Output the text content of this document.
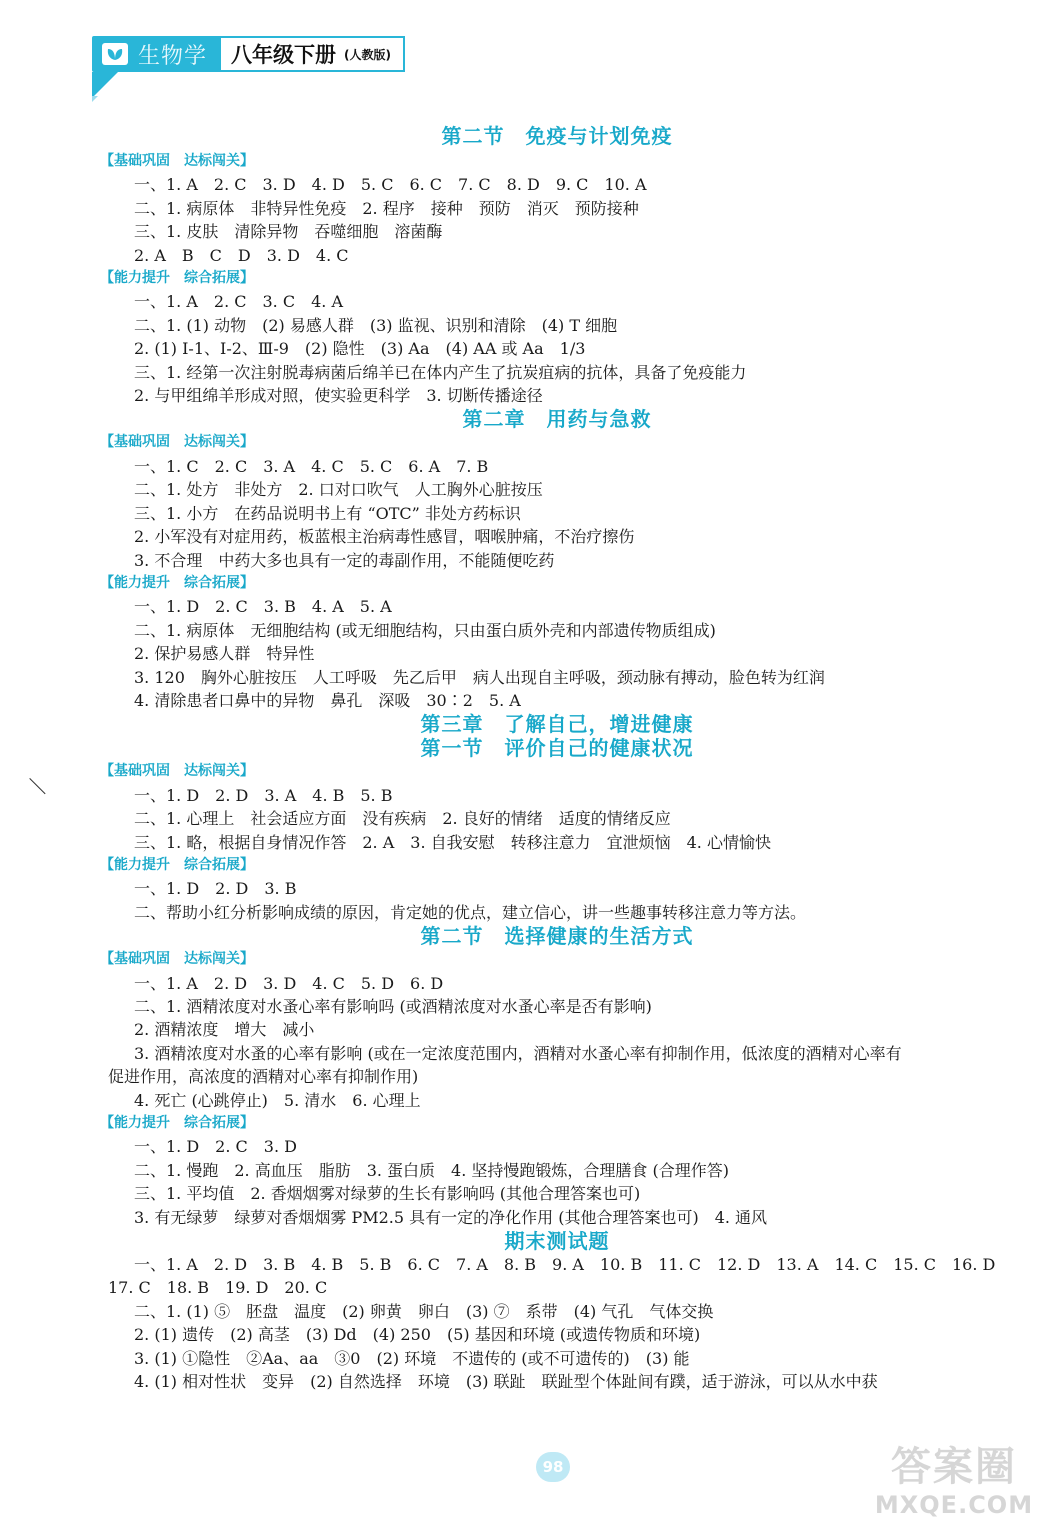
生物学 八年级下册 (人教版)

第二节　免疫与计划免疫

【基础巩固　达标闯关】

一、1. A　2. C　3. D　4. D　5. C　6. C　7. C　8. D　9. C　10. A

二、1. 病原体　非特异性免疫　2. 程序　接种　预防　消灭　预防接种

三、1. 皮肤　清除异物　吞噬细胞　溶菌酶

2. A　B　C　D　3. D　4. C

【能力提升　综合拓展】

一、1. A　2. C　3. C　4. A

二、1. (1) 动物　(2) 易感人群　(3) 监视、识别和清除　(4) T 细胞

2. (1) Ⅰ-1、Ⅰ-2、Ⅲ-9　(2) 隐性　(3) Aa　(4) AA 或 Aa　1/3

三、1. 经第一次注射脱毒病菌后绵羊已在体内产生了抗炭疽病的抗体，具备了免疫能力

2. 与甲组绵羊形成对照，使实验更科学　3. 切断传播途径

第二章　用药与急救

【基础巩固　达标闯关】

一、1. C　2. C　3. A　4. C　5. C　6. A　7. B

二、1. 处方　非处方　2. 口对口吹气　人工胸外心脏按压

三、1. 小方　在药品说明书上有 “OTC” 非处方药标识

2. 小军没有对症用药，板蓝根主治病毒性感冒，咽喉肿痛，不治疗擦伤

3. 不合理　中药大多也具有一定的毒副作用，不能随便吃药

【能力提升　综合拓展】

一、1. D　2. C　3. B　4. A　5. A

二、1. 病原体　无细胞结构 (或无细胞结构，只由蛋白质外壳和内部遗传物质组成)

2. 保护易感人群　特异性

3. 120　胸外心脏按压　人工呼吸　先乙后甲　病人出现自主呼吸，颈动脉有搏动，脸色转为红润

4. 清除患者口鼻中的异物　鼻孔　深吸　30∶2　5. A

第三章　了解自己，增进健康

第一节　评价自己的健康状况

【基础巩固　达标闯关】

一、1. D　2. D　3. A　4. B　5. B

二、1. 心理上　社会适应方面　没有疾病　2. 良好的情绪　适度的情绪反应

三、1. 略，根据自身情况作答　2. A　3. 自我安慰　转移注意力　宜泄烦恼　4. 心情愉快

【能力提升　综合拓展】

一、1. D　2. D　3. B

二、帮助小红分析影响成绩的原因，肯定她的优点，建立信心，讲一些趣事转移注意力等方法。

第二节　选择健康的生活方式

【基础巩固　达标闯关】

一、1. A　2. D　3. D　4. C　5. D　6. D

二、1. 酒精浓度对水蚤心率有影响吗 (或酒精浓度对水蚤心率是否有影响)

2. 酒精浓度　增大　减小

3. 酒精浓度对水蚤的心率有影响 (或在一定浓度范围内，酒精对水蚤心率有抑制作用，低浓度的酒精对心率有

促进作用，高浓度的酒精对心率有抑制作用)

4. 死亡 (心跳停止)　5. 清水　6. 心理上

【能力提升　综合拓展】

一、1. D　2. C　3. D

二、1. 慢跑　2. 高血压　脂肪　3. 蛋白质　4. 坚持慢跑锻炼，合理膳食 (合理作答)

三、1. 平均值　2. 香烟烟雾对绿萝的生长有影响吗 (其他合理答案也可)

3. 有无绿萝　绿萝对香烟烟雾 PM2.5 具有一定的净化作用 (其他合理答案也可)　4. 通风

期末测试题

一、1. A　2. D　3. B　4. B　5. B　6. C　7. A　8. B　9. A　10. B　11. C　12. D　13. A　14. C　15. C　16. D

17. C　18. B　19. D　20. C

二、1. (1) ⑤　胚盘　温度　(2) 卵黄　卵白　(3) ⑦　系带　(4) 气孔　气体交换

2. (1) 遗传　(2) 高茎　(3) Dd　(4) 250　(5) 基因和环境 (或遗传物质和环境)

3. (1) ①隐性　②Aa、aa　③0　(2) 环境　不遗传的 (或不可遗传的)　(3) 能

4. (1) 相对性状　变异　(2) 自然选择　环境　(3) 联趾　联趾型个体趾间有蹼，适于游泳，可以从水中获

98	答案圈
MXQE.COM
